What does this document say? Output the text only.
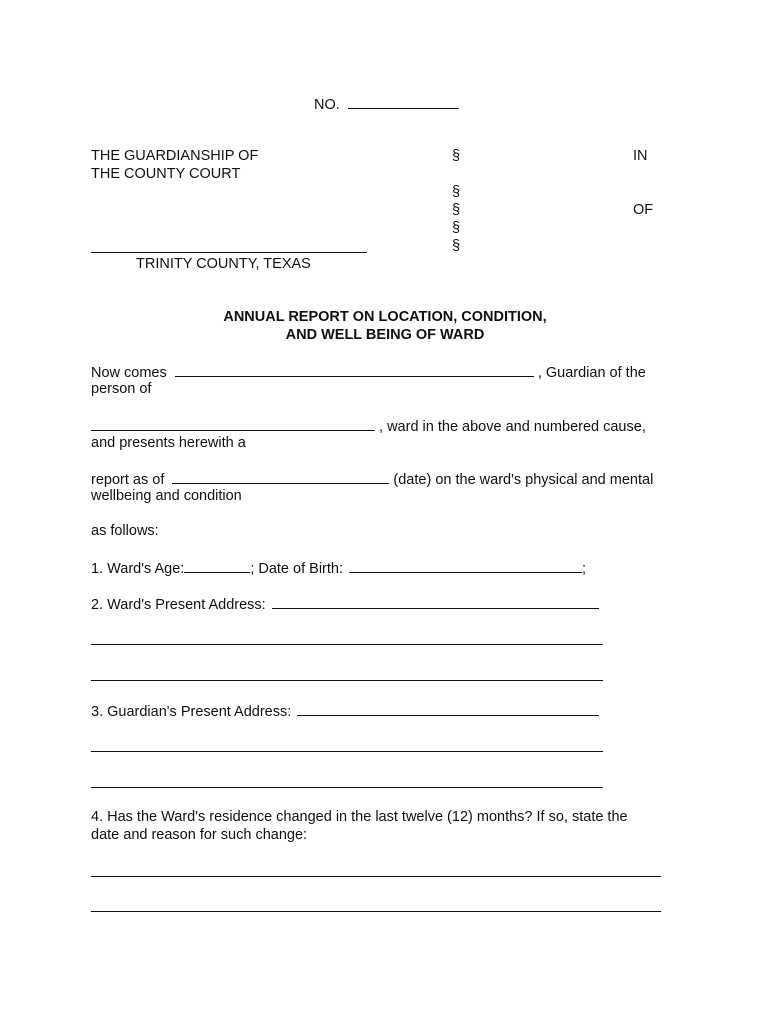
NO.
THE GUARDIANSHIP OF
THE COUNTY COURT
§
§
§
§
§
IN
OF
TRINITY COUNTY, TEXAS
ANNUAL REPORT ON LOCATION, CONDITION,
AND WELL BEING OF WARD
Now comes	, Guardian of the
person of
, ward in the above and numbered cause,
and presents herewith a
report as of	(date) on the ward's physical and mental
wellbeing and condition
as follows:
1. Ward's Age:	; Date of Birth:	;
2. Ward's Present Address:
3. Guardian's Present Address:
4. Has the Ward's residence changed in the last twelve (12) months? If so, state the
date and reason for such change:
